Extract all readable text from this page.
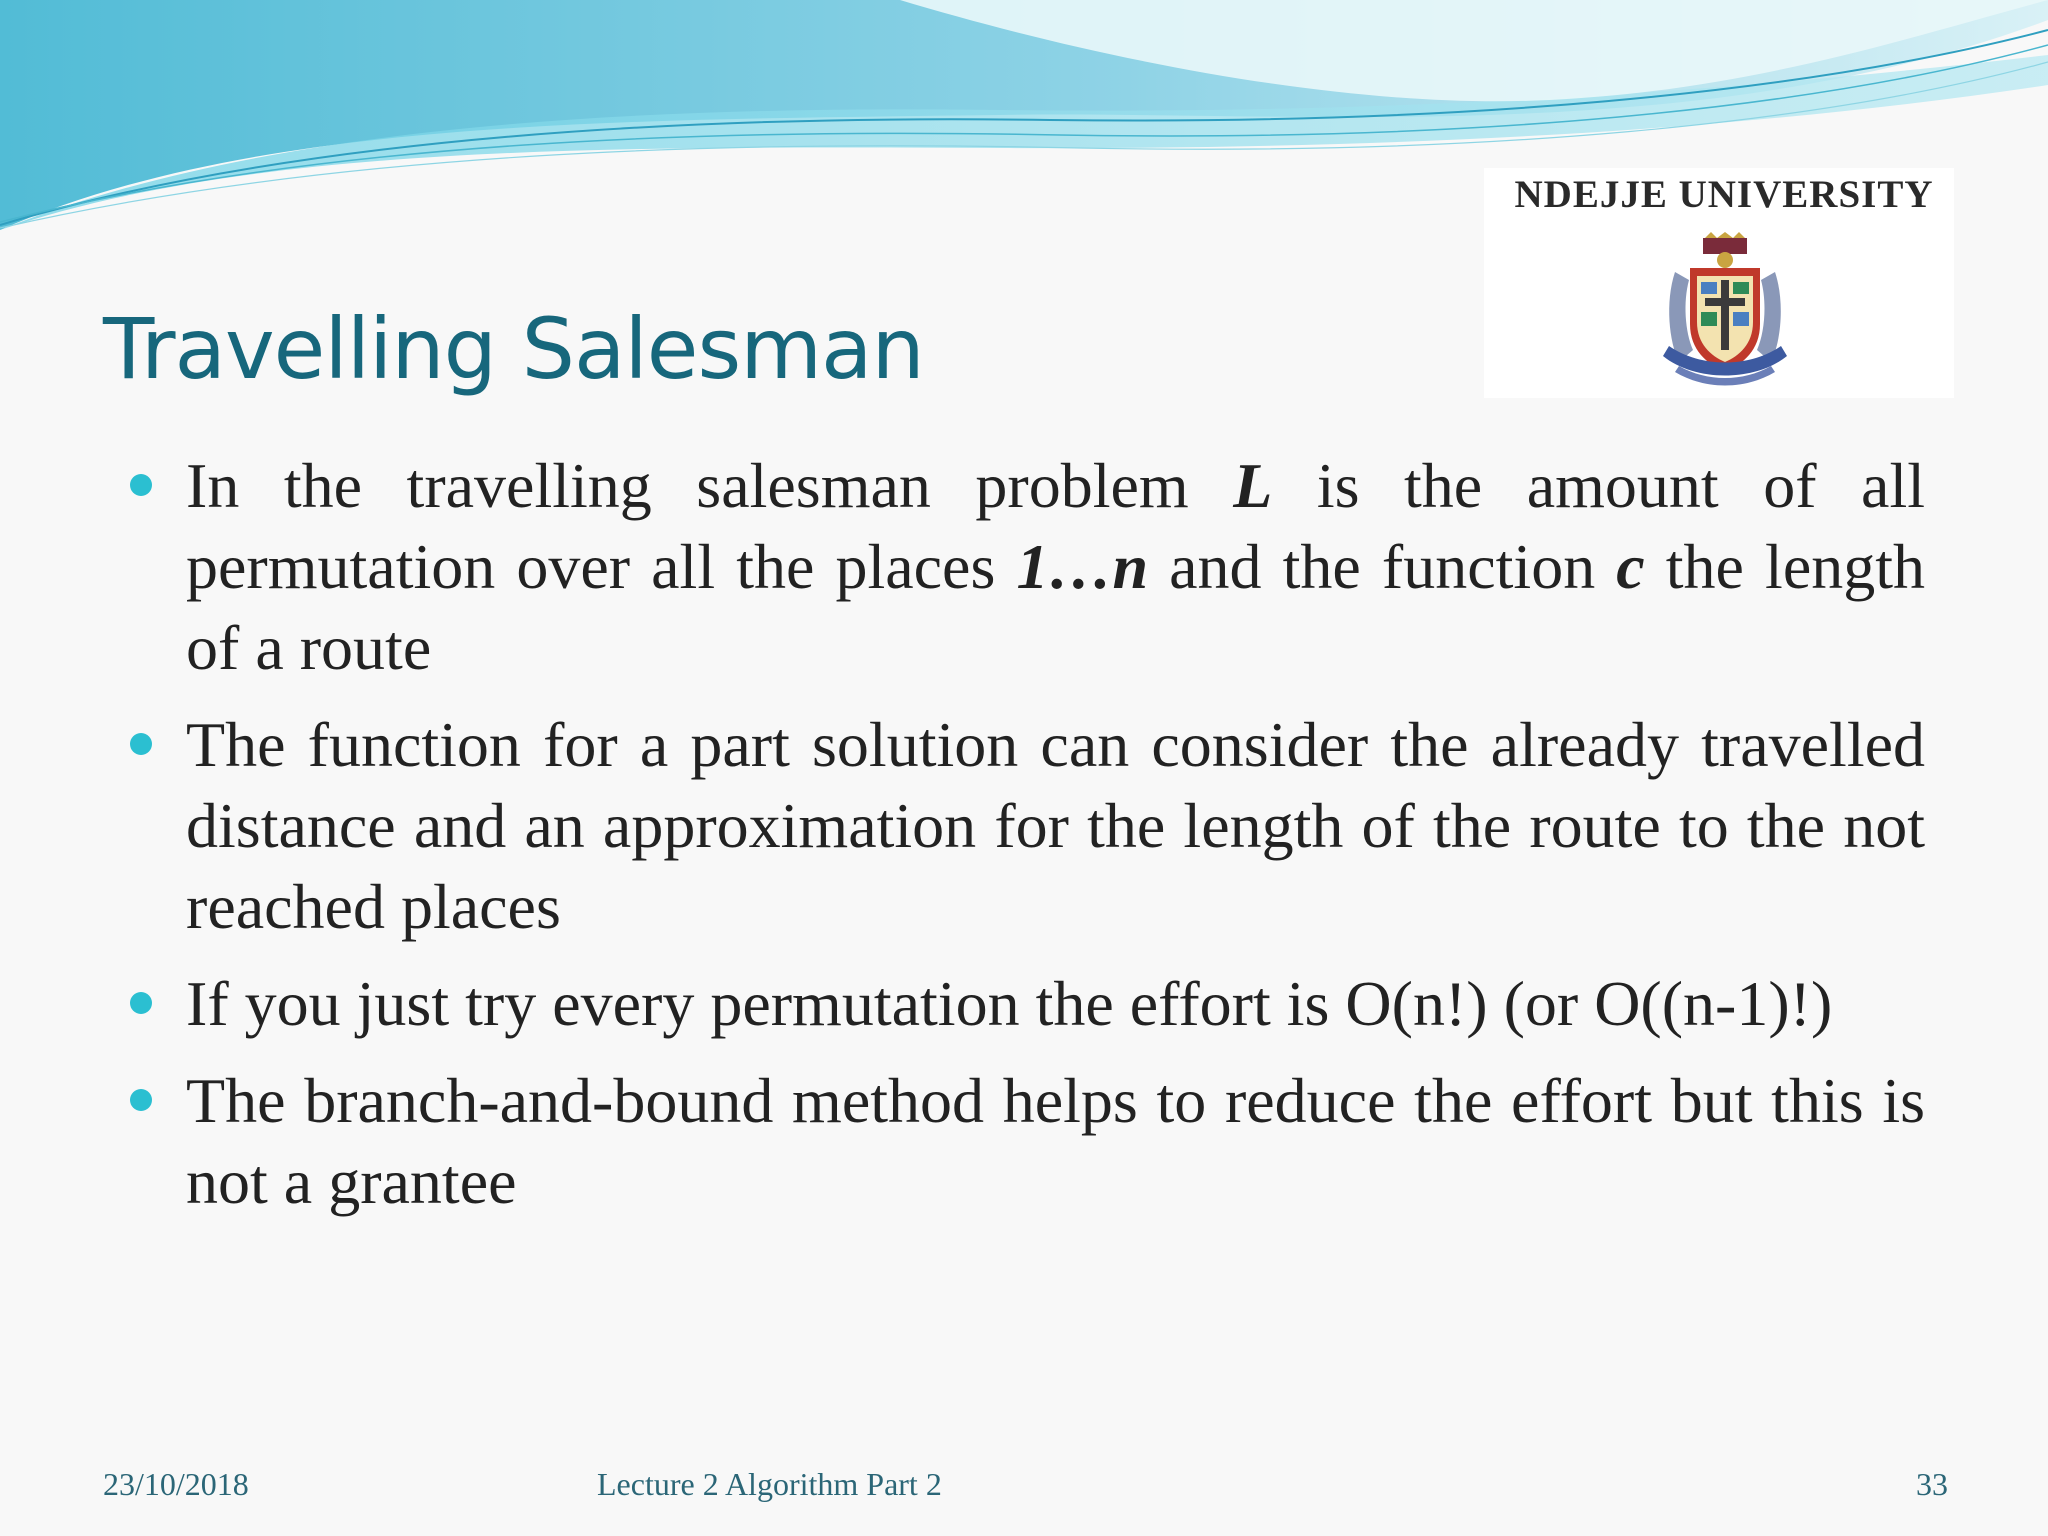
NDEJJE UNIVERSITY
Travelling Salesman
In the travelling salesman problem L is the amount of all permutation over all the places 1…n and the function c the length of a route
The function for a part solution can consider the already travelled distance and an approximation for the length of the route to the not reached places
If you just try every permutation the effort is O(n!) (or O((n-1)!)
The branch-and-bound method helps to reduce the effort but this is not a grantee
23/10/2018	Lecture 2 Algorithm Part 2	33
